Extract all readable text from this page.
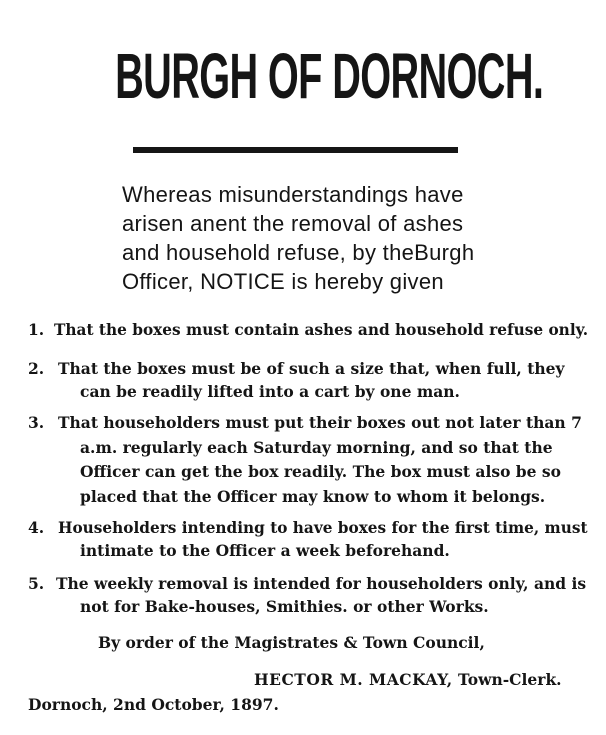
BURGH OF DORNOCH.
Whereas misunderstandings have
arisen anent the removal of ashes
and household refuse, by theBurgh
Officer, NOTICE is hereby given
1. That the boxes must contain ashes and household refuse only.
2. That the boxes must be of such a size that, when full, they
can be readily lifted into a cart by one man.
3. That householders must put their boxes out not later than 7
a.m. regularly each Saturday morning, and so that the
Officer can get the box readily. The box must also be so
placed that the Officer may know to whom it belongs.
4. Householders intending to have boxes for the first time, must
intimate to the Officer a week beforehand.
5. The weekly removal is intended for householders only, and is
not for Bake-houses, Smithies. or other Works.
By order of the Magistrates & Town Council,
HECTOR M. MACKAY, Town-Clerk.
Dornoch, 2nd October, 1897.
